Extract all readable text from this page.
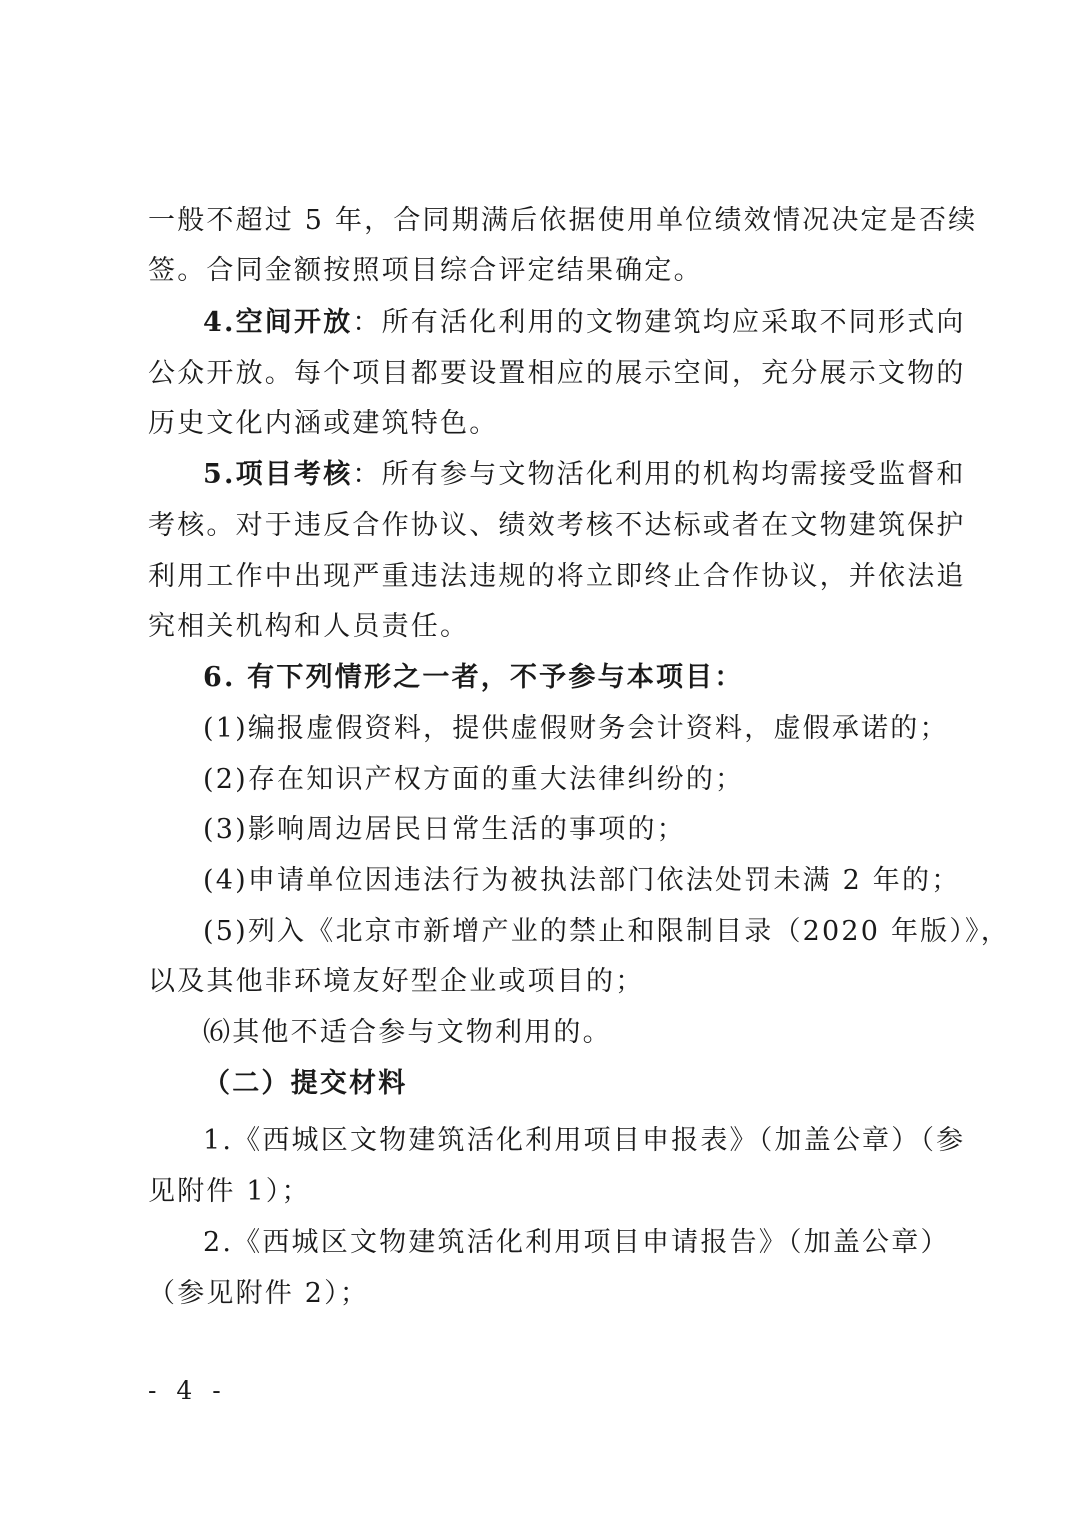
一般不超过 5 年，合同期满后依据使用单位绩效情况决定是否续
签。合同金额按照项目综合评定结果确定。
4.空间开放：所有活化利用的文物建筑均应采取不同形式向
公众开放。每个项目都要设置相应的展示空间，充分展示文物的
历史文化内涵或建筑特色。
5.项目考核：所有参与文物活化利用的机构均需接受监督和
考核。对于违反合作协议、绩效考核不达标或者在文物建筑保护
利用工作中出现严重违法违规的将立即终止合作协议，并依法追
究相关机构和人员责任。
6. 有下列情形之一者，不予参与本项目：
(1)编报虚假资料，提供虚假财务会计资料，虚假承诺的；
(2)存在知识产权方面的重大法律纠纷的；
(3)影响周边居民日常生活的事项的；
(4)申请单位因违法行为被执法部门依法处罚未满 2 年的；
(5)列入《北京市新增产业的禁止和限制目录（2020 年版）》，
以及其他非环境友好型企业或项目的；
⑹其他不适合参与文物利用的。
（二）提交材料
1.《西城区文物建筑活化利用项目申报表》（加盖公章）（参
见附件 1）；
2.《西城区文物建筑活化利用项目申请报告》（加盖公章）
（参见附件 2）；
- 4 -
